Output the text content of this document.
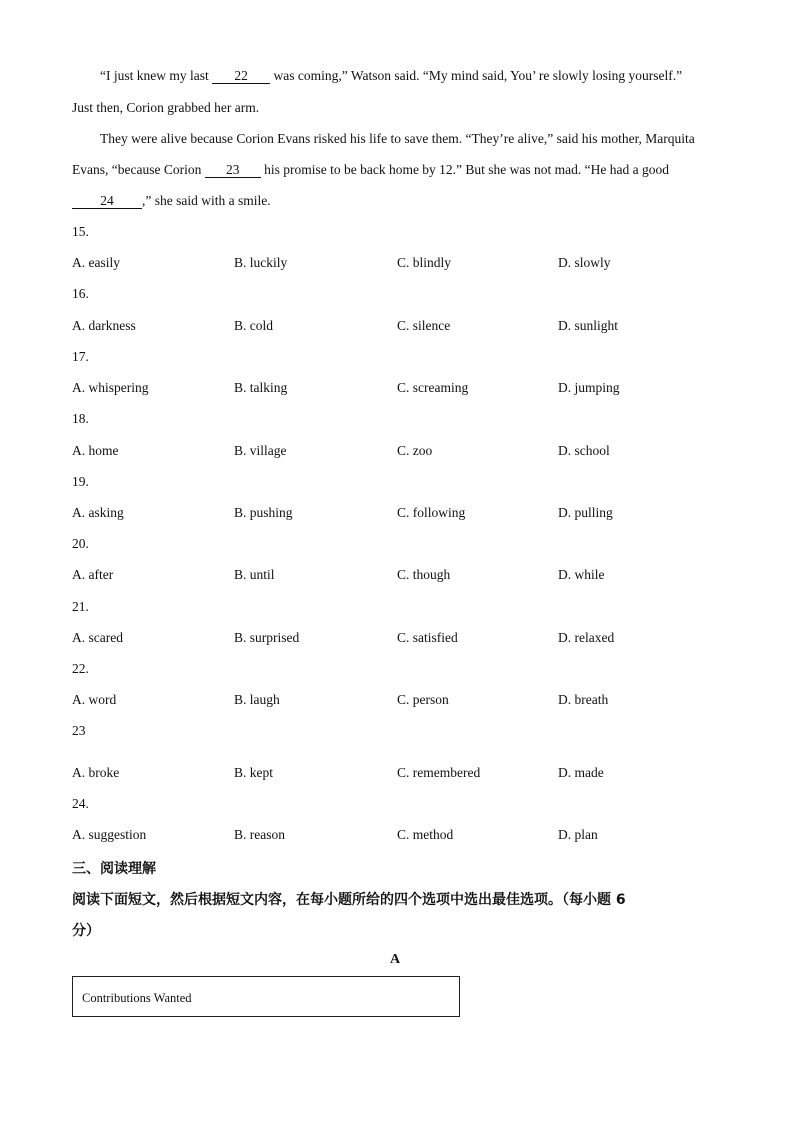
“I just knew my last 22 was coming,” Watson said. “My mind said, You’ re slowly losing yourself.”
Just then, Corion grabbed her arm.
They were alive because Corion Evans risked his life to save them. “They’re alive,” said his mother, Marquita
Evans, “because Corion 23 his promise to be back home by 12.” But she was not mad. “He had a good
24 ,” she said with a smile.
15.
A. easily	B. luckily	C. blindly	D. slowly
16.
A. darkness	B. cold	C. silence	D. sunlight
17.
A. whispering	B. talking	C. screaming	D. jumping
18.
A. home	B. village	C. zoo	D. school
19.
A. asking	B. pushing	C. following	D. pulling
20.
A. after	B. until	C. though	D. while
21.
A. scared	B. surprised	C. satisfied	D. relaxed
22.
A. word	B. laugh	C. person	D. breath
23
A. broke	B. kept	C. remembered	D. made
24.
A. suggestion	B. reason	C. method	D. plan
三、阅读理解
阅读下面短文，然后根据短文内容，在每小题所给的四个选项中选出最佳选项。（每小题 6
分）
A
Contributions Wanted
